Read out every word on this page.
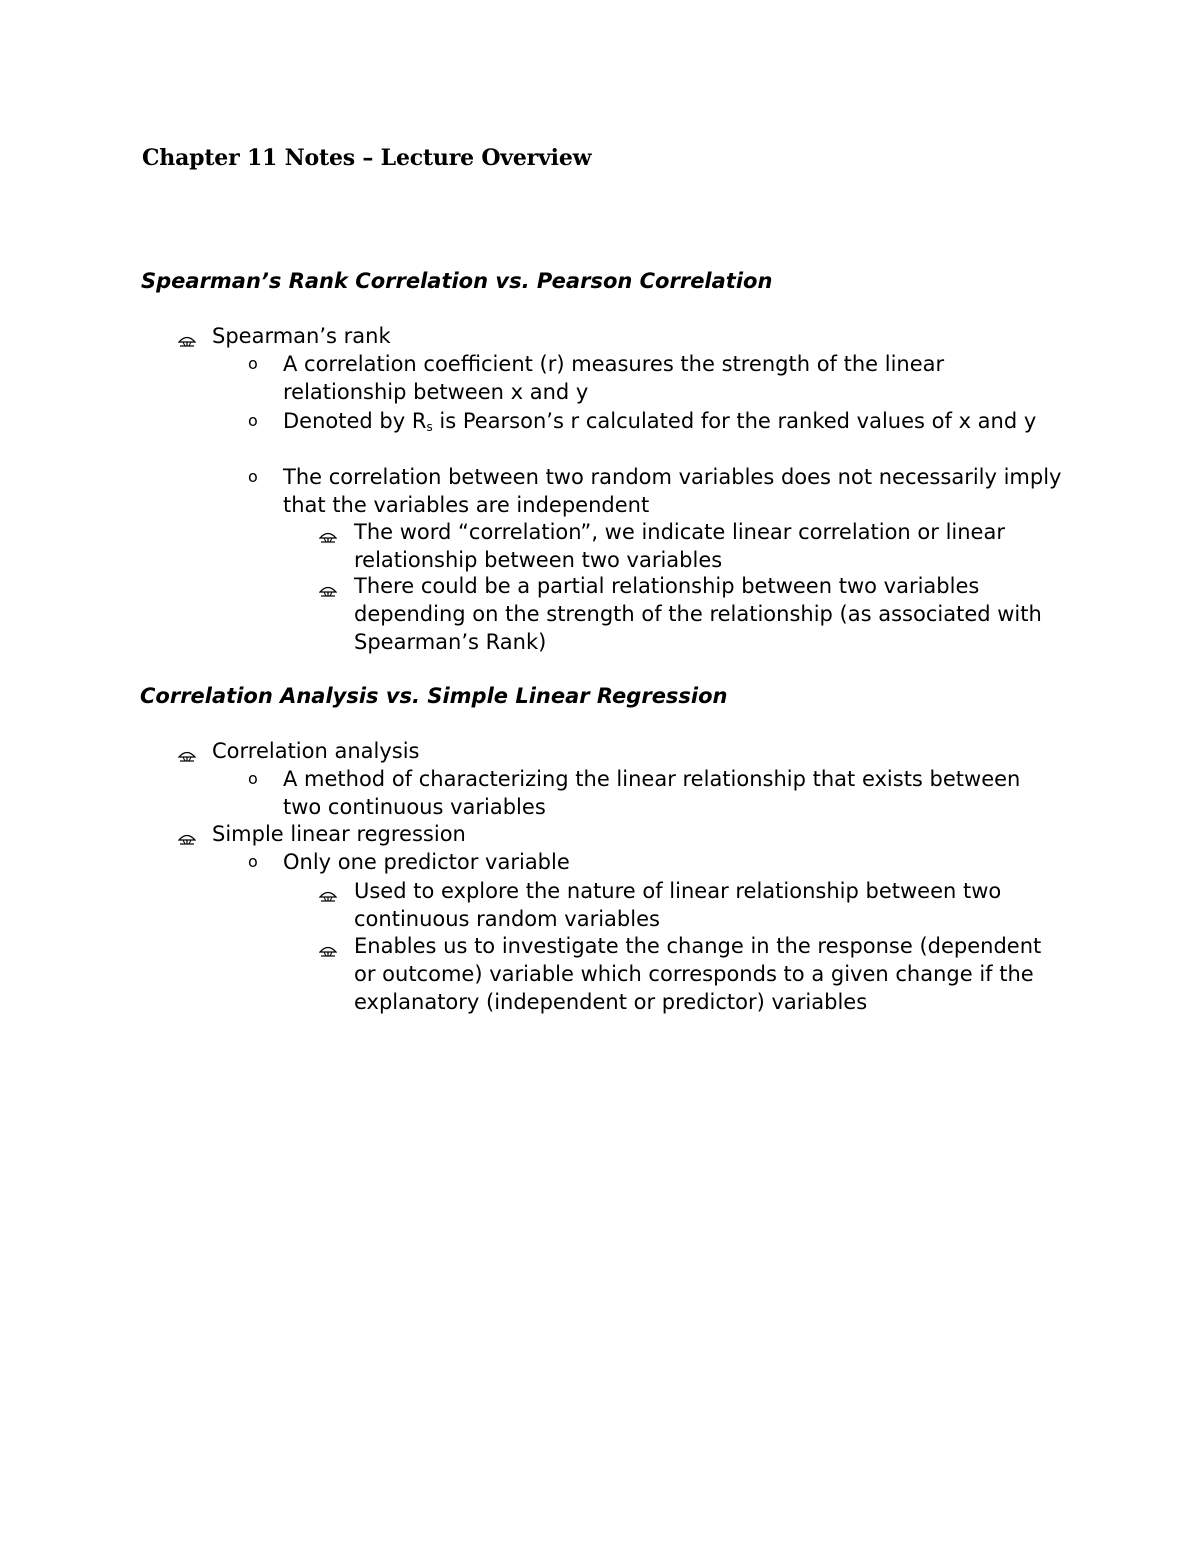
Chapter 11 Notes – Lecture Overview
Spearman’s Rank Correlation vs. Pearson Correlation

Spearman’s rank

o A correlation coefficient (r) measures the strength of the linear relationship between x and y

o Denoted by $R_s$ is Pearson’s r calculated for the ranked values of x and y

o The correlation between two random variables does not necessarily imply that the variables are independent

The word “correlation”, we indicate linear correlation or linear relationship between two variables

There could be a partial relationship between two variables depending on the strength of the relationship (as associated with Spearman’s Rank)

Correlation Analysis vs. Simple Linear Regression

Correlation analysis

o A method of characterizing the linear relationship that exists between two continuous variables

Simple linear regression

o Only one predictor variable

Used to explore the nature of linear relationship between two continuous random variables

Enables us to investigate the change in the response (dependent or outcome) variable which corresponds to a given change if the explanatory (independent or predictor) variables
